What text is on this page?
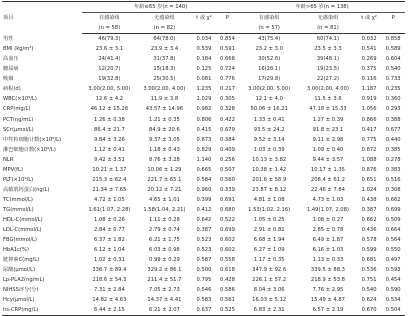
项目	年龄≤65 岁(n = 140)				年龄>65 岁(n = 138)			
	有感染组	无感染组	t 或 χ²	P	有感染组	无感染组	t 或 χ²	P
	(n = 58)	(n = 82)			(n = 57)	(n = 81)		
男性	46(79.3)	64(78.0)	0.034	0.854	43(75.4)	60(74.1)	0.032	0.858
BMI (kg/m²)	23.6 ± 3.1	23.9 ± 3.4	0.539	0.591	23.2 ± 3.0	23.5 ± 3.3	0.541	0.589
高血压	24(41.4)	31(37.8)	0.184	0.668	30(52.6)	39(48.1)	0.269	0.604
糖尿病	12(20.7)	15(18.3)	0.125	0.724	16(28.1)	19(23.5)	0.375	0.540
吸烟	19(32.8)	25(30.5)	0.081	0.776	17(29.8)	22(27.2)	0.116	0.733
病程(d)	3.00(2.00, 5.00)	3.00(2.00, 4.00)	1.235	0.217	3.00(2.00, 5.00)	3.00(2.00, 4.00)	1.187	0.235
WBC(×10⁹/L)	12.6 ± 4.2	11.9 ± 3.8	1.029	0.305	12.1 ± 4.0	11.5 ± 3.6	0.919	0.360
CRP(mg/L)	46.12 ± 15.28	43.57 ± 14.96	0.982	0.328	50.06 ± 16.21	47.18 ± 15.33	1.056	0.293
PCT(ng/mL)	1.26 ± 0.38	1.21 ± 0.35	0.806	0.422	1.33 ± 0.41	1.27 ± 0.39	0.866	0.388
SCr(μmol/L)	86.4 ± 21.7	84.9 ± 20.6	0.415	0.679	93.5 ± 24.2	91.8 ± 23.1	0.417	0.677
中性粒细胞计数(×10⁹/L)	9.84 ± 3.26	9.37 ± 3.05	0.873	0.384	9.52 ± 3.14	9.11 ± 2.98	0.775	0.440
淋巴细胞计数(×10⁹/L)	1.12 ± 0.41	1.18 ± 0.43	0.829	0.409	1.03 ± 0.39	1.09 ± 0.40	0.872	0.385
NLR	9.42 ± 3.51	8.76 ± 3.28	1.140	0.256	10.13 ± 3.82	9.44 ± 3.57	1.088	0.278
MPV(fL)	10.21 ± 1.37	10.06 ± 1.29	0.665	0.507	10.38 ± 1.42	10.17 ± 1.35	0.876	0.383
PLT(×10⁹/L)	215.3 ± 62.4	221.7 ± 65.1	0.584	0.560	201.6 ± 58.9	208.4 ± 61.2	0.651	0.516
高敏肌钙蛋白(ng/L)	21.34 ± 7.65	20.12 ± 7.21	0.960	0.339	23.87 ± 8.12	22.46 ± 7.84	1.024	0.308
TC(mmol/L)	4.72 ± 1.05	4.65 ± 1.01	0.399	0.691	4.81 ± 1.08	4.73 ± 1.03	0.438	0.662
TG(mmol/L)	1.61(1.07, 2.28)	1.58(1.04, 2.21)	0.412	0.680	1.53(1.02, 2.16)	1.49(1.07, 2.08)	0.387	0.699
HDL-C(mmol/L)	1.08 ± 0.26	1.11 ± 0.28	0.642	0.522	1.05 ± 0.25	1.08 ± 0.27	0.662	0.509
LDL-C(mmol/L)	2.84 ± 0.77	2.79 ± 0.74	0.387	0.699	2.91 ± 0.81	2.85 ± 0.78	0.436	0.664
FBG(mmol/L)	6.37 ± 1.82	6.21 ± 1.75	0.523	0.602	6.68 ± 1.94	6.49 ± 1.87	0.578	0.564
HbA1c(%)	6.12 ± 1.04	6.03 ± 0.98	0.523	0.602	6.27 ± 1.09	6.16 ± 1.03	0.599	0.550
胱抑素C(mg/L)	1.02 ± 0.31	0.99 ± 0.29	0.587	0.558	1.17 ± 0.35	1.13 ± 0.33	0.681	0.497
尿酸(μmol/L)	336.7 ± 89.4	329.2 ± 86.1	0.500	0.618	347.9 ± 92.6	339.5 ± 88.3	0.536	0.593
Lp-PLA2(ng/mL)	218.6 ± 54.3	211.4 ± 51.7	0.795	0.428	226.1 ± 57.2	218.9 ± 53.8	0.751	0.454
NIHSS评分(分)	7.31 ± 2.84	7.05 ± 2.73	0.546	0.586	8.04 ± 3.06	7.76 ± 2.95	0.540	0.590
Hcy(μmol/L)	14.82 ± 4.63	14.37 ± 4.41	0.583	0.561	16.03 ± 5.12	15.49 ± 4.87	0.624	0.534
hs-CRP(mg/L)	6.44 ± 2.15	6.21 ± 2.07	0.637	0.525	6.83 ± 2.31	6.57 ± 2.19	0.670	0.504
